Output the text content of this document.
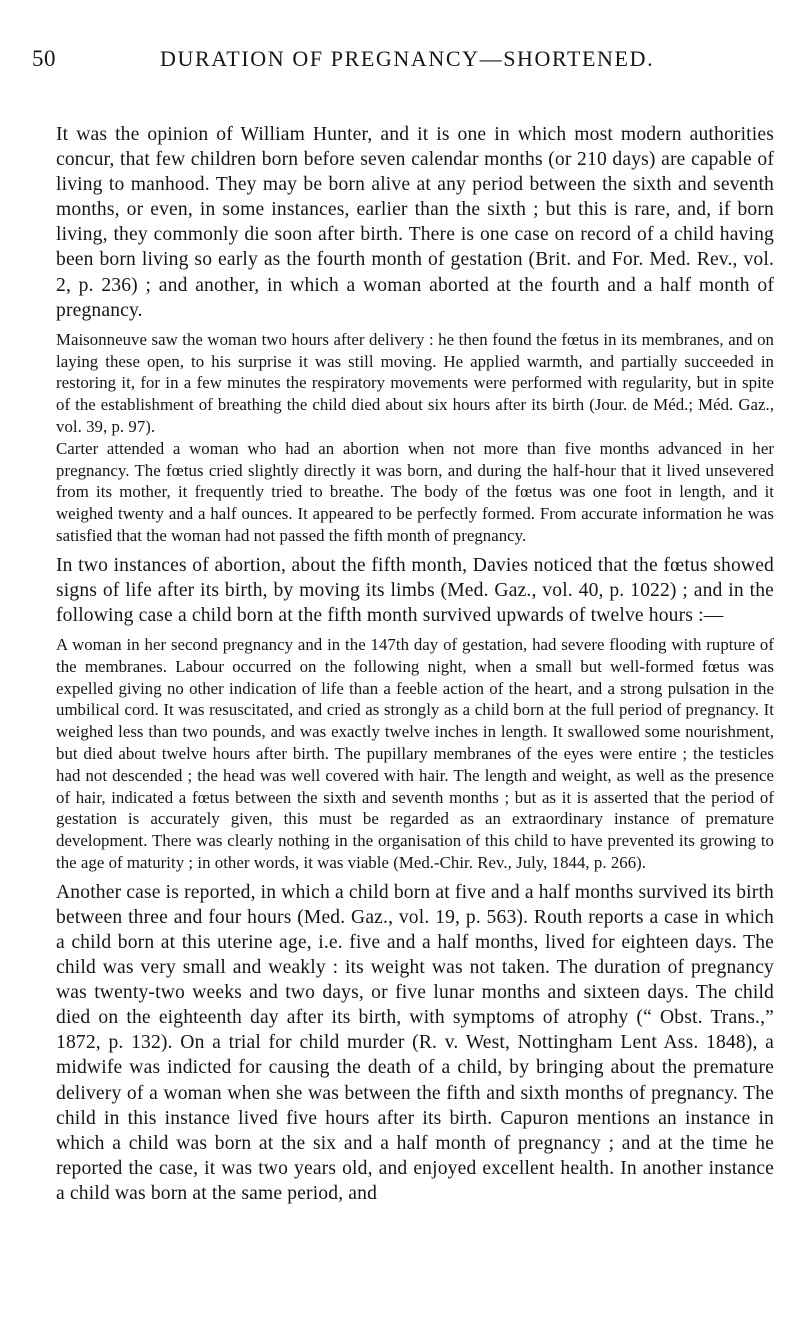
50	DURATION OF PREGNANCY—SHORTENED.

It was the opinion of William Hunter, and it is one in which most modern authorities concur, that few children born before seven calendar months (or 210 days) are capable of living to manhood. They may be born alive at any period between the sixth and seventh months, or even, in some instances, earlier than the sixth ; but this is rare, and, if born living, they commonly die soon after birth. There is one case on record of a child having been born living so early as the fourth month of gestation (Brit. and For. Med. Rev., vol. 2, p. 236) ; and another, in which a woman aborted at the fourth and a half month of pregnancy.

Maisonneuve saw the woman two hours after delivery : he then found the fœtus in its membranes, and on laying these open, to his surprise it was still moving. He applied warmth, and partially succeeded in restoring it, for in a few minutes the respiratory movements were performed with regularity, but in spite of the establishment of breathing the child died about six hours after its birth (Jour. de Méd.; Méd. Gaz., vol. 39, p. 97).

Carter attended a woman who had an abortion when not more than five months advanced in her pregnancy. The fœtus cried slightly directly it was born, and during the half-hour that it lived unsevered from its mother, it frequently tried to breathe. The body of the fœtus was one foot in length, and it weighed twenty and a half ounces. It appeared to be perfectly formed. From accurate information he was satisfied that the woman had not passed the fifth month of pregnancy.

In two instances of abortion, about the fifth month, Davies noticed that the fœtus showed signs of life after its birth, by moving its limbs (Med. Gaz., vol. 40, p. 1022) ; and in the following case a child born at the fifth month survived upwards of twelve hours :—

A woman in her second pregnancy and in the 147th day of gestation, had severe flooding with rupture of the membranes. Labour occurred on the following night, when a small but well-formed fœtus was expelled giving no other indication of life than a feeble action of the heart, and a strong pulsation in the umbilical cord. It was resuscitated, and cried as strongly as a child born at the full period of pregnancy. It weighed less than two pounds, and was exactly twelve inches in length. It swallowed some nourishment, but died about twelve hours after birth. The pupillary membranes of the eyes were entire ; the testicles had not descended ; the head was well covered with hair. The length and weight, as well as the presence of hair, indicated a fœtus between the sixth and seventh months ; but as it is asserted that the period of gestation is accurately given, this must be regarded as an extraordinary instance of premature development. There was clearly nothing in the organisation of this child to have prevented its growing to the age of maturity ; in other words, it was viable (Med.-Chir. Rev., July, 1844, p. 266).

Another case is reported, in which a child born at five and a half months survived its birth between three and four hours (Med. Gaz., vol. 19, p. 563). Routh reports a case in which a child born at this uterine age, i.e. five and a half months, lived for eighteen days. The child was very small and weakly : its weight was not taken. The duration of pregnancy was twenty-two weeks and two days, or five lunar months and sixteen days. The child died on the eighteenth day after its birth, with symptoms of atrophy (“ Obst. Trans.,” 1872, p. 132). On a trial for child murder (R. v. West, Nottingham Lent Ass. 1848), a midwife was indicted for causing the death of a child, by bringing about the premature delivery of a woman when she was between the fifth and sixth months of pregnancy. The child in this instance lived five hours after its birth. Capuron mentions an instance in which a child was born at the six and a half month of pregnancy ; and at the time he reported the case, it was two years old, and enjoyed excellent health. In another instance a child was born at the same period, and
